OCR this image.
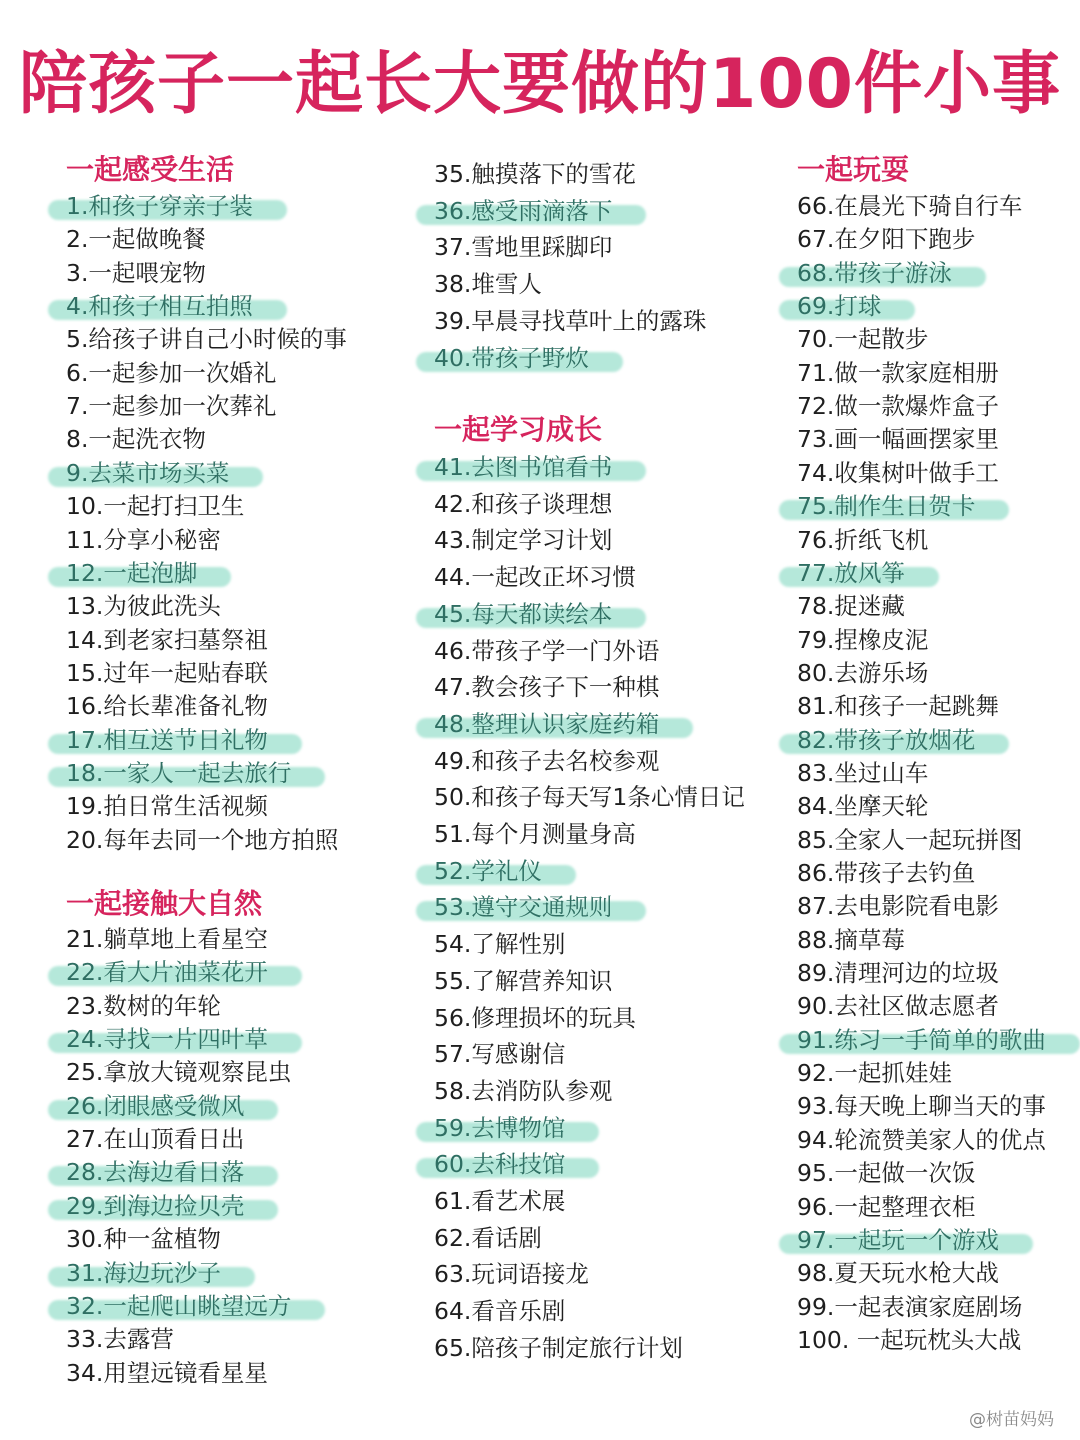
陪孩子一起长大要做的100件小事
一起感受生活
1.和孩子穿亲子装
2.一起做晚餐
3.一起喂宠物
4.和孩子相互拍照
5.给孩子讲自己小时候的事
6.一起参加一次婚礼
7.一起参加一次葬礼
8.一起洗衣物
9.去菜市场买菜
10.一起打扫卫生
11.分享小秘密
12.一起泡脚
13.为彼此洗头
14.到老家扫墓祭祖
15.过年一起贴春联
16.给长辈准备礼物
17.相互送节日礼物
18.一家人一起去旅行
19.拍日常生活视频
20.每年去同一个地方拍照
一起接触大自然
21.躺草地上看星空
22.看大片油菜花开
23.数树的年轮
24.寻找一片四叶草
25.拿放大镜观察昆虫
26.闭眼感受微风
27.在山顶看日出
28.去海边看日落
29.到海边捡贝壳
30.种一盆植物
31.海边玩沙子
32.一起爬山眺望远方
33.去露营
34.用望远镜看星星
35.触摸落下的雪花
36.感受雨滴落下
37.雪地里踩脚印
38.堆雪人
39.早晨寻找草叶上的露珠
40.带孩子野炊
一起学习成长
41.去图书馆看书
42.和孩子谈理想
43.制定学习计划
44.一起改正坏习惯
45.每天都读绘本
46.带孩子学一门外语
47.教会孩子下一种棋
48.整理认识家庭药箱
49.和孩子去名校参观
50.和孩子每天写1条心情日记
51.每个月测量身高
52.学礼仪
53.遵守交通规则
54.了解性别
55.了解营养知识
56.修理损坏的玩具
57.写感谢信
58.去消防队参观
59.去博物馆
60.去科技馆
61.看艺术展
62.看话剧
63.玩词语接龙
64.看音乐剧
65.陪孩子制定旅行计划
一起玩耍
66.在晨光下骑自行车
67.在夕阳下跑步
68.带孩子游泳
69.打球
70.一起散步
71.做一款家庭相册
72.做一款爆炸盒子
73.画一幅画摆家里
74.收集树叶做手工
75.制作生日贺卡
76.折纸飞机
77.放风筝
78.捉迷藏
79.捏橡皮泥
80.去游乐场
81.和孩子一起跳舞
82.带孩子放烟花
83.坐过山车
84.坐摩天轮
85.全家人一起玩拼图
86.带孩子去钓鱼
87.去电影院看电影
88.摘草莓
89.清理河边的垃圾
90.去社区做志愿者
91.练习一手简单的歌曲
92.一起抓娃娃
93.每天晚上聊当天的事
94.轮流赞美家人的优点
95.一起做一次饭
96.一起整理衣柜
97.一起玩一个游戏
98.夏天玩水枪大战
99.一起表演家庭剧场
100. 一起玩枕头大战
@树苗妈妈
